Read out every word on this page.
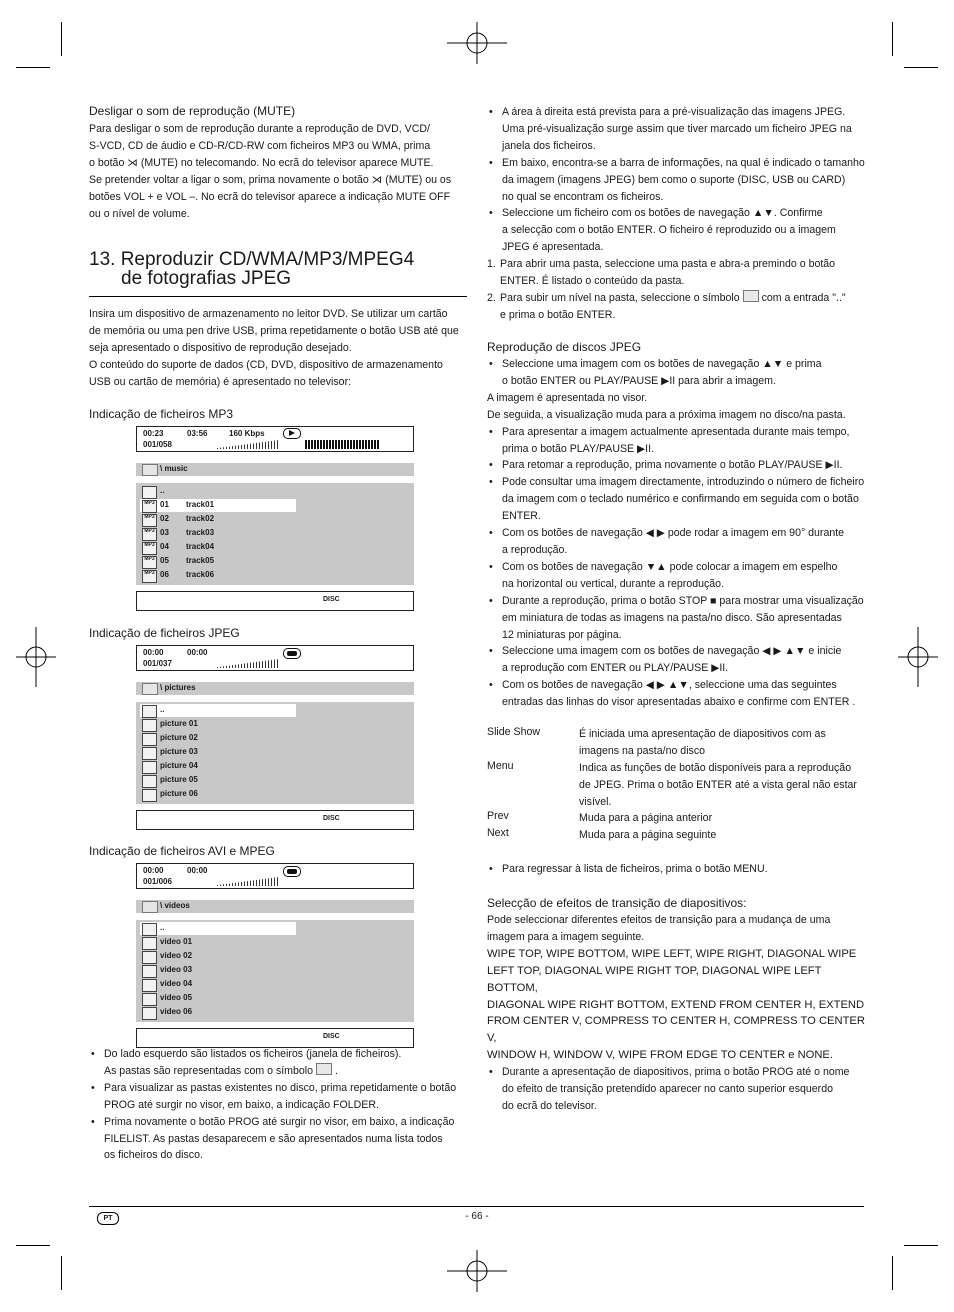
Desligar o som de reprodução (MUTE)

Para desligar o som de reprodução durante a reprodução de DVD, VCD/

S-VCD, CD de áudio e CD-R/CD-RW com ficheiros MP3 ou WMA, prima

o botão ⋊ (MUTE) no telecomando. No ecrã do televisor aparece MUTE.

Se pretender voltar a ligar o som, prima novamente o botão ⋊ (MUTE) ou os

botões VOL + e VOL –. No ecrã do televisor aparece a indicação MUTE OFF

ou o nível de volume.

13. Reproduzir CD/WMA/MP3/MPEG4
de fotografias JPEG

Insira um dispositivo de armazenamento no leitor DVD. Se utilizar um cartão

de memória ou uma pen drive USB, prima repetidamente o botão USB até que

seja apresentado o dispositivo de reprodução desejado.

O conteúdo do suporte de dados (CD, DVD, dispositivo de armazenamento

USB ou cartão de memória) é apresentado no televisor:

Indicação de ficheiros MP3

00:23	03:56	160 Kbps
001/058
\ music
..
MP3 01 track01
MP3 02 track02
MP3 03 track03
MP3 04 track04
MP3 05 track05
MP3 06 track06
DISC

Indicação de ficheiros JPEG

00:00	00:00
001/037
\ pictures
..
picture 01
picture 02
picture 03
picture 04
picture 05
picture 06
DISC

Indicação de ficheiros AVI e MPEG

00:00	00:00
001/006
\ videos
..
video 01
video 02
video 03
video 04
video 05
video 06
DISC
• Do lado esquerdo são listados os ficheiros (janela de ficheiros).
As pastas são representadas com o símbolo .
• Para visualizar as pastas existentes no disco, prima repetidamente o botão
PROG até surgir no visor, em baixo, a indicação FOLDER.
• Prima novamente o botão PROG até surgir no visor, em baixo, a indicação
FILELIST. As pastas desaparecem e são apresentados numa lista todos
os ficheiros do disco.
• A área à direita está prevista para a pré-visualização das imagens JPEG.
Uma pré-visualização surge assim que tiver marcado um ficheiro JPEG na
janela dos ficheiros.
• Em baixo, encontra-se a barra de informações, na qual é indicado o tamanho
da imagem (imagens JPEG) bem como o suporte (DISC, USB ou CARD)
no qual se encontram os ficheiros.
• Seleccione um ficheiro com os botões de navegação ▲▼. Confirme
a selecção com o botão ENTER. O ficheiro é reproduzido ou a imagem
JPEG é apresentada.
1. Para abrir uma pasta, seleccione uma pasta e abra-a premindo o botão
ENTER. É listado o conteúdo da pasta.
2. Para subir um nível na pasta, seleccione o símbolo com a entrada ".."
e prima o botão ENTER.

Reprodução de discos JPEG

• Seleccione uma imagem com os botões de navegação ▲▼ e prima
o botão ENTER ou PLAY/PAUSE ▶II para abrir a imagem.

A imagem é apresentada no visor.

De seguida, a visualização muda para a próxima imagem no disco/na pasta.

• Para apresentar a imagem actualmente apresentada durante mais tempo,
prima o botão PLAY/PAUSE ▶II.
• Para retomar a reprodução, prima novamente o botão PLAY/PAUSE ▶II.
• Pode consultar uma imagem directamente, introduzindo o número de ficheiro
da imagem com o teclado numérico e confirmando em seguida com o botão
ENTER.
• Com os botões de navegação ◀ ▶ pode rodar a imagem em 90° durante
a reprodução.
• Com os botões de navegação ▼▲ pode colocar a imagem em espelho
na horizontal ou vertical, durante a reprodução.
• Durante a reprodução, prima o botão STOP ■ para mostrar uma visualização
em miniatura de todas as imagens na pasta/no disco. São apresentadas
12 miniaturas por página.
• Seleccione uma imagem com os botões de navegação ◀ ▶ ▲▼ e inicie
a reprodução com ENTER ou PLAY/PAUSE ▶II.
• Com os botões de navegação ◀ ▶ ▲▼, seleccione uma das seguintes
entradas das linhas do visor apresentadas abaixo e confirme com ENTER .
Slide Show	É iniciada uma apresentação de diapositivos com as

imagens na pasta/no disco

Menu	Indica as funções de botão disponíveis para a reprodução

de JPEG. Prima o botão ENTER até a vista geral não estar

visível.

Prev	Muda para a página anterior

Next	Muda para a página seguinte

• Para regressar à lista de ficheiros, prima o botão MENU.

Selecção de efeitos de transição de diapositivos:

Pode seleccionar diferentes efeitos de transição para a mudança de uma

imagem para a imagem seguinte.

WIPE TOP, WIPE BOTTOM, WIPE LEFT, WIPE RIGHT, DIAGONAL WIPE

LEFT TOP, DIAGONAL WIPE RIGHT TOP, DIAGONAL WIPE LEFT BOTTOM,

DIAGONAL WIPE RIGHT BOTTOM, EXTEND FROM CENTER H, EXTEND

FROM CENTER V, COMPRESS TO CENTER H, COMPRESS TO CENTER V,

WINDOW H, WINDOW V, WIPE FROM EDGE TO CENTER e NONE.

• Durante a apresentação de diapositivos, prima o botão PROG até o nome
do efeito de transição pretendido aparecer no canto superior esquerdo
do ecrã do televisor.
PT	- 66 -
